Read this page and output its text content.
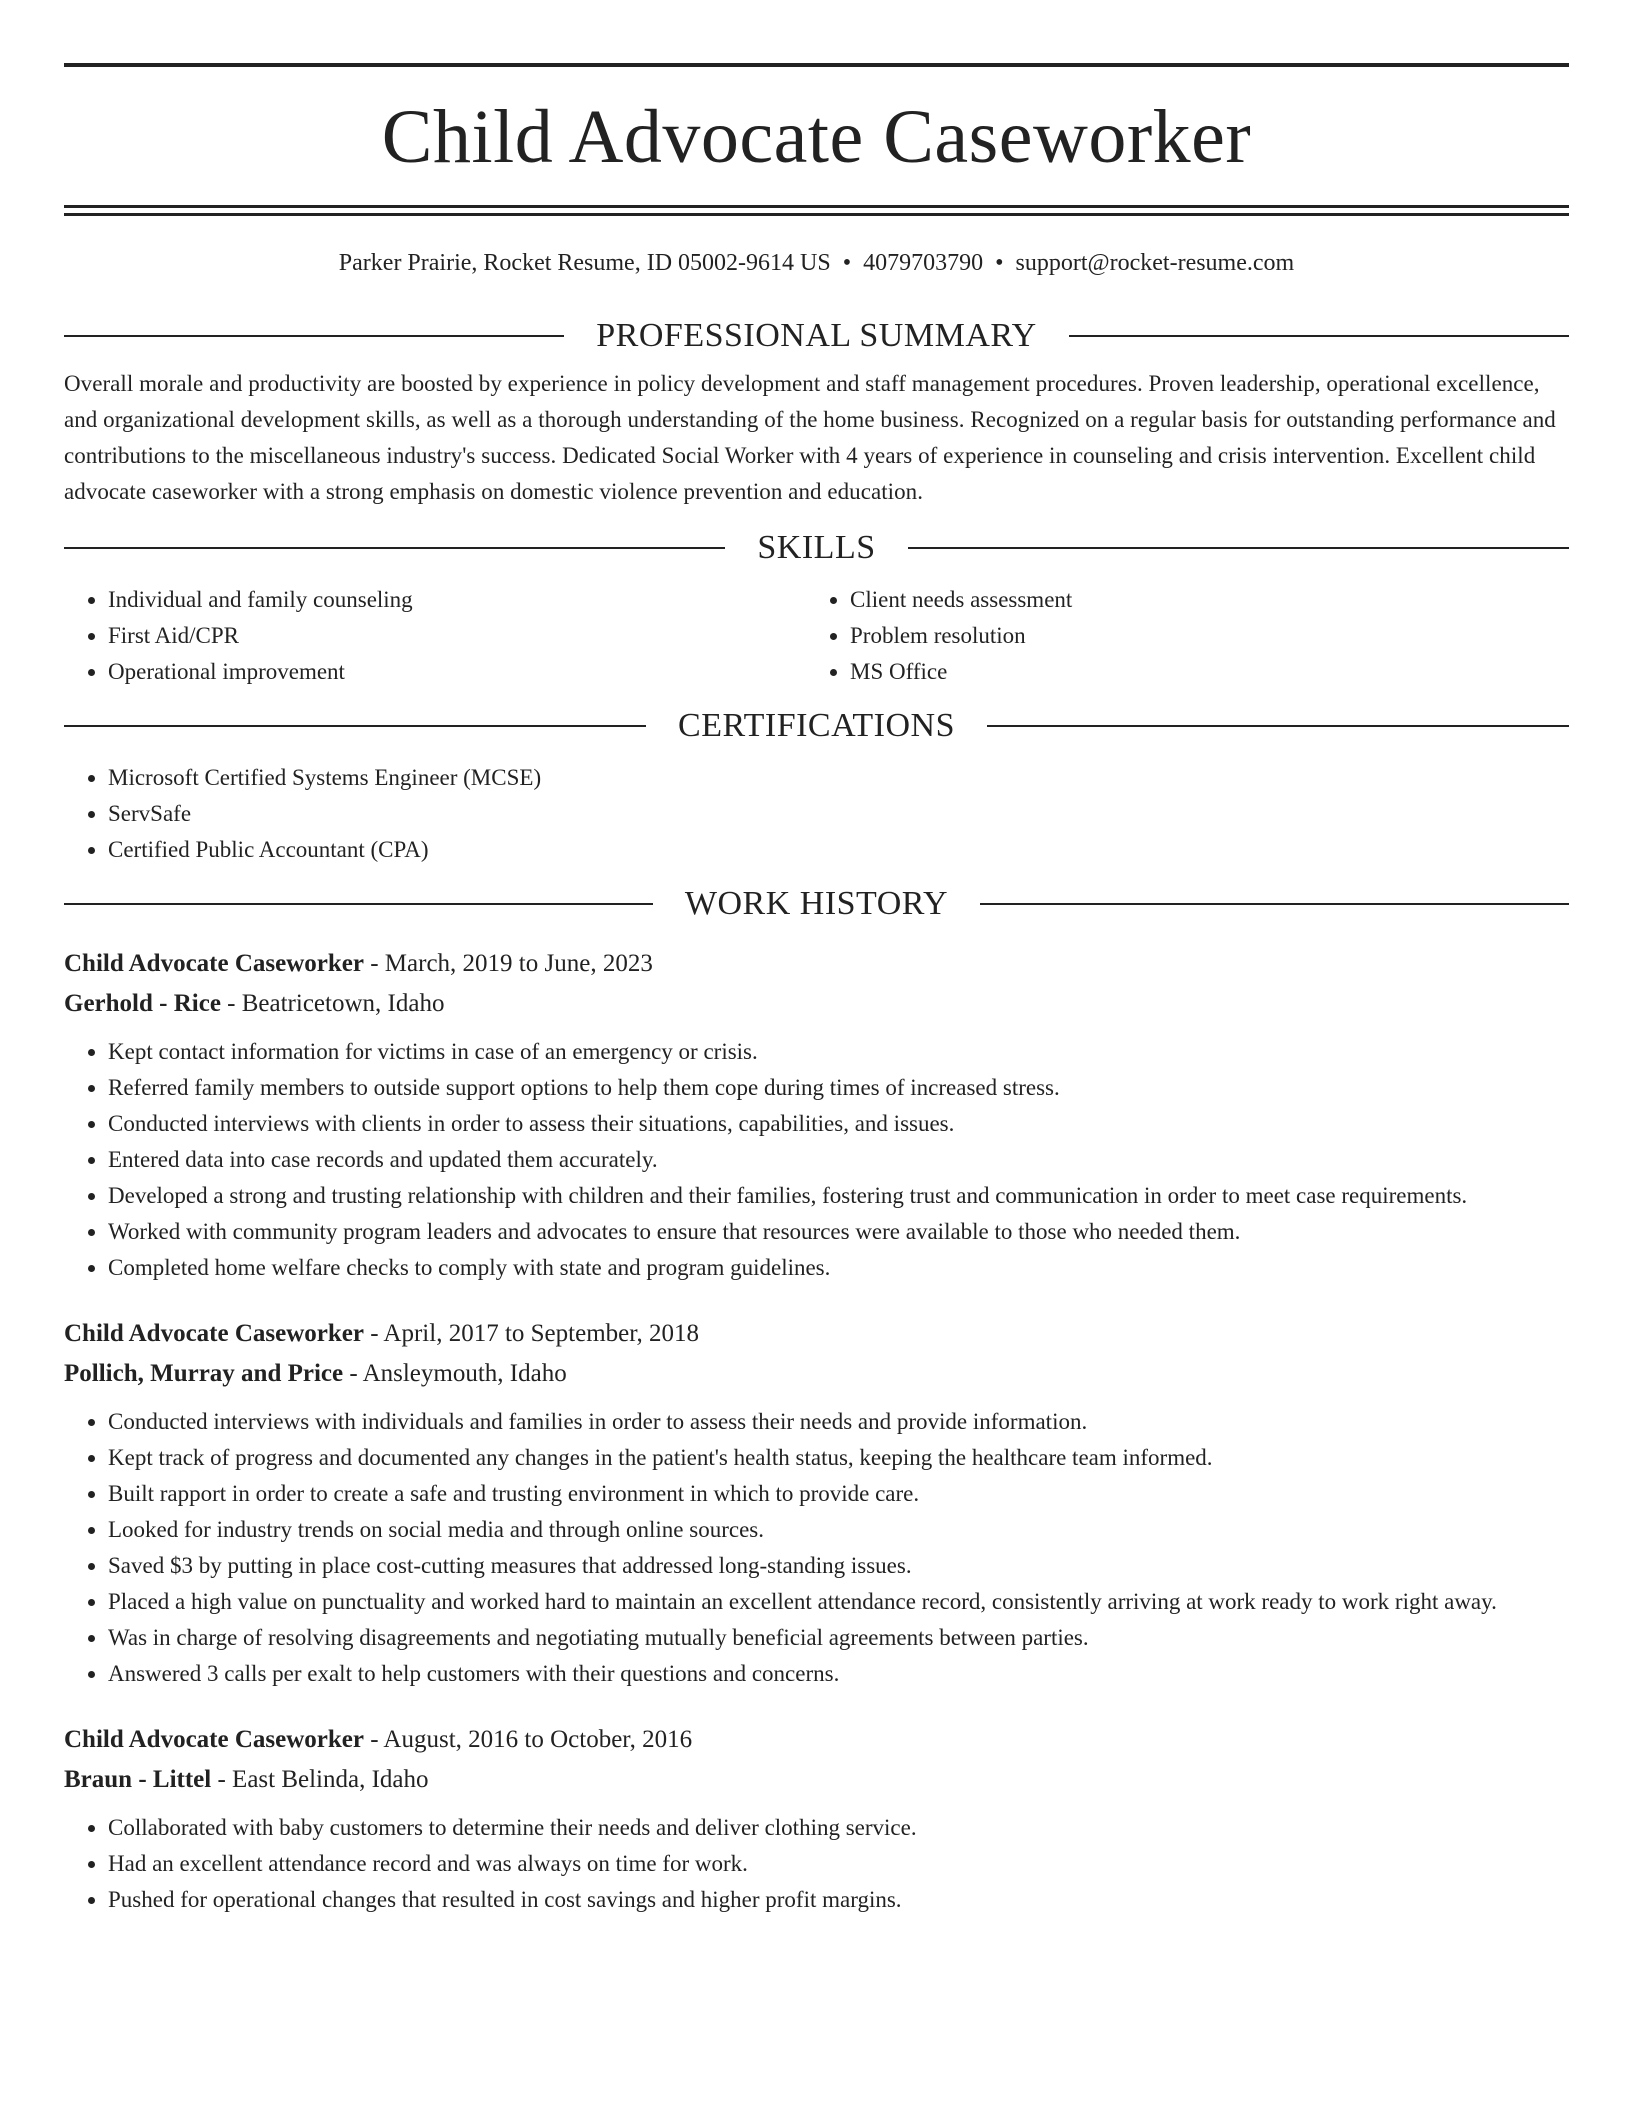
Child Advocate Caseworker
Parker Prairie, Rocket Resume, ID 05002-9614 US • 4079703790 • support@rocket-resume.com
PROFESSIONAL SUMMARY
Overall morale and productivity are boosted by experience in policy development and staff management procedures. Proven leadership, operational excellence, and organizational development skills, as well as a thorough understanding of the home business. Recognized on a regular basis for outstanding performance and contributions to the miscellaneous industry's success. Dedicated Social Worker with 4 years of experience in counseling and crisis intervention. Excellent child advocate caseworker with a strong emphasis on domestic violence prevention and education.
SKILLS
• Individual and family counseling
• First Aid/CPR
• Operational improvement
• Client needs assessment
• Problem resolution
• MS Office
CERTIFICATIONS
• Microsoft Certified Systems Engineer (MCSE)
• ServSafe
• Certified Public Accountant (CPA)
WORK HISTORY
Child Advocate Caseworker - March, 2019 to June, 2023
Gerhold - Rice - Beatricetown, Idaho
• Kept contact information for victims in case of an emergency or crisis.
• Referred family members to outside support options to help them cope during times of increased stress.
• Conducted interviews with clients in order to assess their situations, capabilities, and issues.
• Entered data into case records and updated them accurately.
• Developed a strong and trusting relationship with children and their families, fostering trust and communication in order to meet case requirements.
• Worked with community program leaders and advocates to ensure that resources were available to those who needed them.
• Completed home welfare checks to comply with state and program guidelines.
Child Advocate Caseworker - April, 2017 to September, 2018
Pollich, Murray and Price - Ansleymouth, Idaho
• Conducted interviews with individuals and families in order to assess their needs and provide information.
• Kept track of progress and documented any changes in the patient's health status, keeping the healthcare team informed.
• Built rapport in order to create a safe and trusting environment in which to provide care.
• Looked for industry trends on social media and through online sources.
• Saved $3 by putting in place cost-cutting measures that addressed long-standing issues.
• Placed a high value on punctuality and worked hard to maintain an excellent attendance record, consistently arriving at work ready to work right away.
• Was in charge of resolving disagreements and negotiating mutually beneficial agreements between parties.
• Answered 3 calls per exalt to help customers with their questions and concerns.
Child Advocate Caseworker - August, 2016 to October, 2016
Braun - Littel - East Belinda, Idaho
• Collaborated with baby customers to determine their needs and deliver clothing service.
• Had an excellent attendance record and was always on time for work.
• Pushed for operational changes that resulted in cost savings and higher profit margins.
